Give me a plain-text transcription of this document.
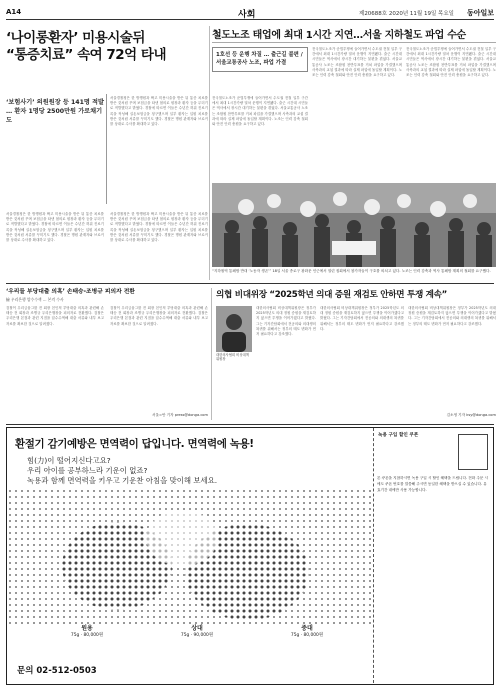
A14	사회	제20688호 2020년 11월 19일 목요일 동아일보
‘나이롱환자’ 미용시술뒤
“통증치료” 속여 72억 타내
‘보험사기’ 의원원장 등 141명 적발 … 환자 1명당 2500만원 가로채기도
서울경찰청은 한 방병원과 짜고 미용시술을 받은 뒤 통증 치료를 받은 것처럼 꾸며 보험금을 타낸 혐의로 원장과 환자 등을 무더기로 적발했다고 밝혔다. 경찰에 따르면 이들은 수년간 허위 진료기록을 작성해 실손보험금을 청구했으며 일부 환자는 입원 치료를 받은 것처럼 서류를 꾸미기도 했다. 경찰은 병원 관계자와 브로커를 상대로 수사를 확대하고 있다.
서울경찰청은 한 방병원과 짜고 미용시술을 받은 뒤 통증 치료를 받은 것처럼 꾸며 보험금을 타낸 혐의로 원장과 환자 등을 무더기로 적발했다고 밝혔다. 경찰에 따르면 이들은 수년간 허위 진료기록을 작성해 실손보험금을 청구했으며 일부 환자는 입원 치료를 받은 것처럼 서류를 꾸미기도 했다. 경찰은 병원 관계자와 브로커를 상대로 수사를 확대하고 있다.
서울경찰청은 한 방병원과 짜고 미용시술을 받은 뒤 통증 치료를 받은 것처럼 꾸며 보험금을 타낸 혐의로 원장과 환자 등을 무더기로 적발했다고 밝혔다. 경찰에 따르면 이들은 수년간 허위 진료기록을 작성해 실손보험금을 청구했으며 일부 환자는 입원 치료를 받은 것처럼 서류를 꾸미기도 했다. 경찰은 병원 관계자와 브로커를 상대로 수사를 확대하고 있다.
철도노조 태업에 최대 1시간 지연…서울 지하철도 파업 수순
1호선 등 운행 차질 … 출근길 불편 / 서울교통공사 노조, 파업 가결
전국철도노조가 준법투쟁에 들어가면서 수도권 전철 일부 구간에서 최대 1시간가량 열차 운행이 지연됐다. 출근 시간대 시민들은 역사에서 장시간 대기하는 불편을 겪었다. 서울교통공사 노조는 조합원 찬반투표를 거쳐 파업을 가결했으며 사측과의 교섭 결과에 따라 실제 파업에 돌입할 계획이다. 노조는 인력 감축 철회와 안전 인력 충원을 요구하고 있다.
전국철도노조가 준법투쟁에 들어가면서 수도권 전철 일부 구간에서 최대 1시간가량 열차 운행이 지연됐다. 출근 시간대 시민들은 역사에서 장시간 대기하는 불편을 겪었다. 서울교통공사 노조는 조합원 찬반투표를 거쳐 파업을 가결했으며 사측과의 교섭 결과에 따라 실제 파업에 돌입할 계획이다. 노조는 인력 감축 철회와 안전 인력 충원을 요구하고 있다.
전국철도노조가 준법투쟁에 들어가면서 수도권 전철 일부 구간에서 최대 1시간가량 열차 운행이 지연됐다. 출근 시간대 시민들은 역사에서 장시간 대기하는 불편을 겪었다. 서울교통공사 노조는 조합원 찬반투표를 거쳐 파업을 가결했으며 사측과의 교섭 결과에 따라 실제 파업에 돌입할 계획이다. 노조는 인력 감축 철회와 안전 인력 충원을 요구하고 있다.
“지하철역 통폐합 반대 ‘노동자 생존’” 18일 서울 종로구 광화문 인근에서 열린 집회에서 참가자들이 구호를 외치고 있다. 노조는 인력 감축과 역사 통폐합 계획의 철회를 요구했다.
‘우리들 부당대출 의혹’ 손태승-조병규 피의자 전환
檢 우리은행 압수수색 … 본격 수사
검찰이 우리금융그룹 전 회장 친인척 부당대출 의혹과 관련해 손태승 전 회장과 조병규 우리은행장을 피의자로 전환했다. 검찰은 우리은행 본점과 관련 지점을 압수수색해 대출 서류와 내부 보고 자료를 확보한 것으로 알려졌다.
검찰이 우리금융그룹 전 회장 친인척 부당대출 의혹과 관련해 손태승 전 회장과 조병규 우리은행장을 피의자로 전환했다. 검찰은 우리은행 본점과 관련 지점을 압수수색해 대출 서류와 내부 보고 자료를 확보한 것으로 알려졌다.
서울=안 기자 press@donga.com
의협 비대위장 “2025학년 의대 증원 재검토 안하면 투쟁 계속”
대한의사협회 비상대책위원장
대한의사협회 비상대책위원장은 정부가 2025학년도 의대 정원 증원을 재검토하지 않으면 투쟁을 이어가겠다고 밝혔다. 그는 기자간담회에서 전공의와 의대생의 복귀를 위해서는 정부의 태도 변화가 먼저 필요하다고 강조했다.
대한의사협회 비상대책위원장은 정부가 2025학년도 의대 정원 증원을 재검토하지 않으면 투쟁을 이어가겠다고 밝혔다. 그는 기자간담회에서 전공의와 의대생의 복귀를 위해서는 정부의 태도 변화가 먼저 필요하다고 강조했다.
대한의사협회 비상대책위원장은 정부가 2025학년도 의대 정원 증원을 재검토하지 않으면 투쟁을 이어가겠다고 밝혔다. 그는 기자간담회에서 전공의와 의대생의 복귀를 위해서는 정부의 태도 변화가 먼저 필요하다고 강조했다.
김소영 기자 ksy@donga.com
환절기 감기예방은 면역력이 답입니다. 면역력에 녹용!
힘(力)이 떨어지신다고요?
우리 아이를 공부하느라 기운이 없죠?
녹용과 함께 면역력을 키우고 기운찬 아침을 맞이해 보세요.
원용
75g · 80,000원
상대
75g · 90,000원
중대
75g · 80,000원
문의 02-512-0503
녹용 구입 할인 쿠폰
본 쿠폰을 지참하시면 녹용 구입 시 할인 혜택을 드립니다. 전화 주문 시에도 쿠폰 번호를 말씀해 주시면 동일한 혜택을 받으실 수 있습니다. 유효기간 내에만 사용 가능합니다.
